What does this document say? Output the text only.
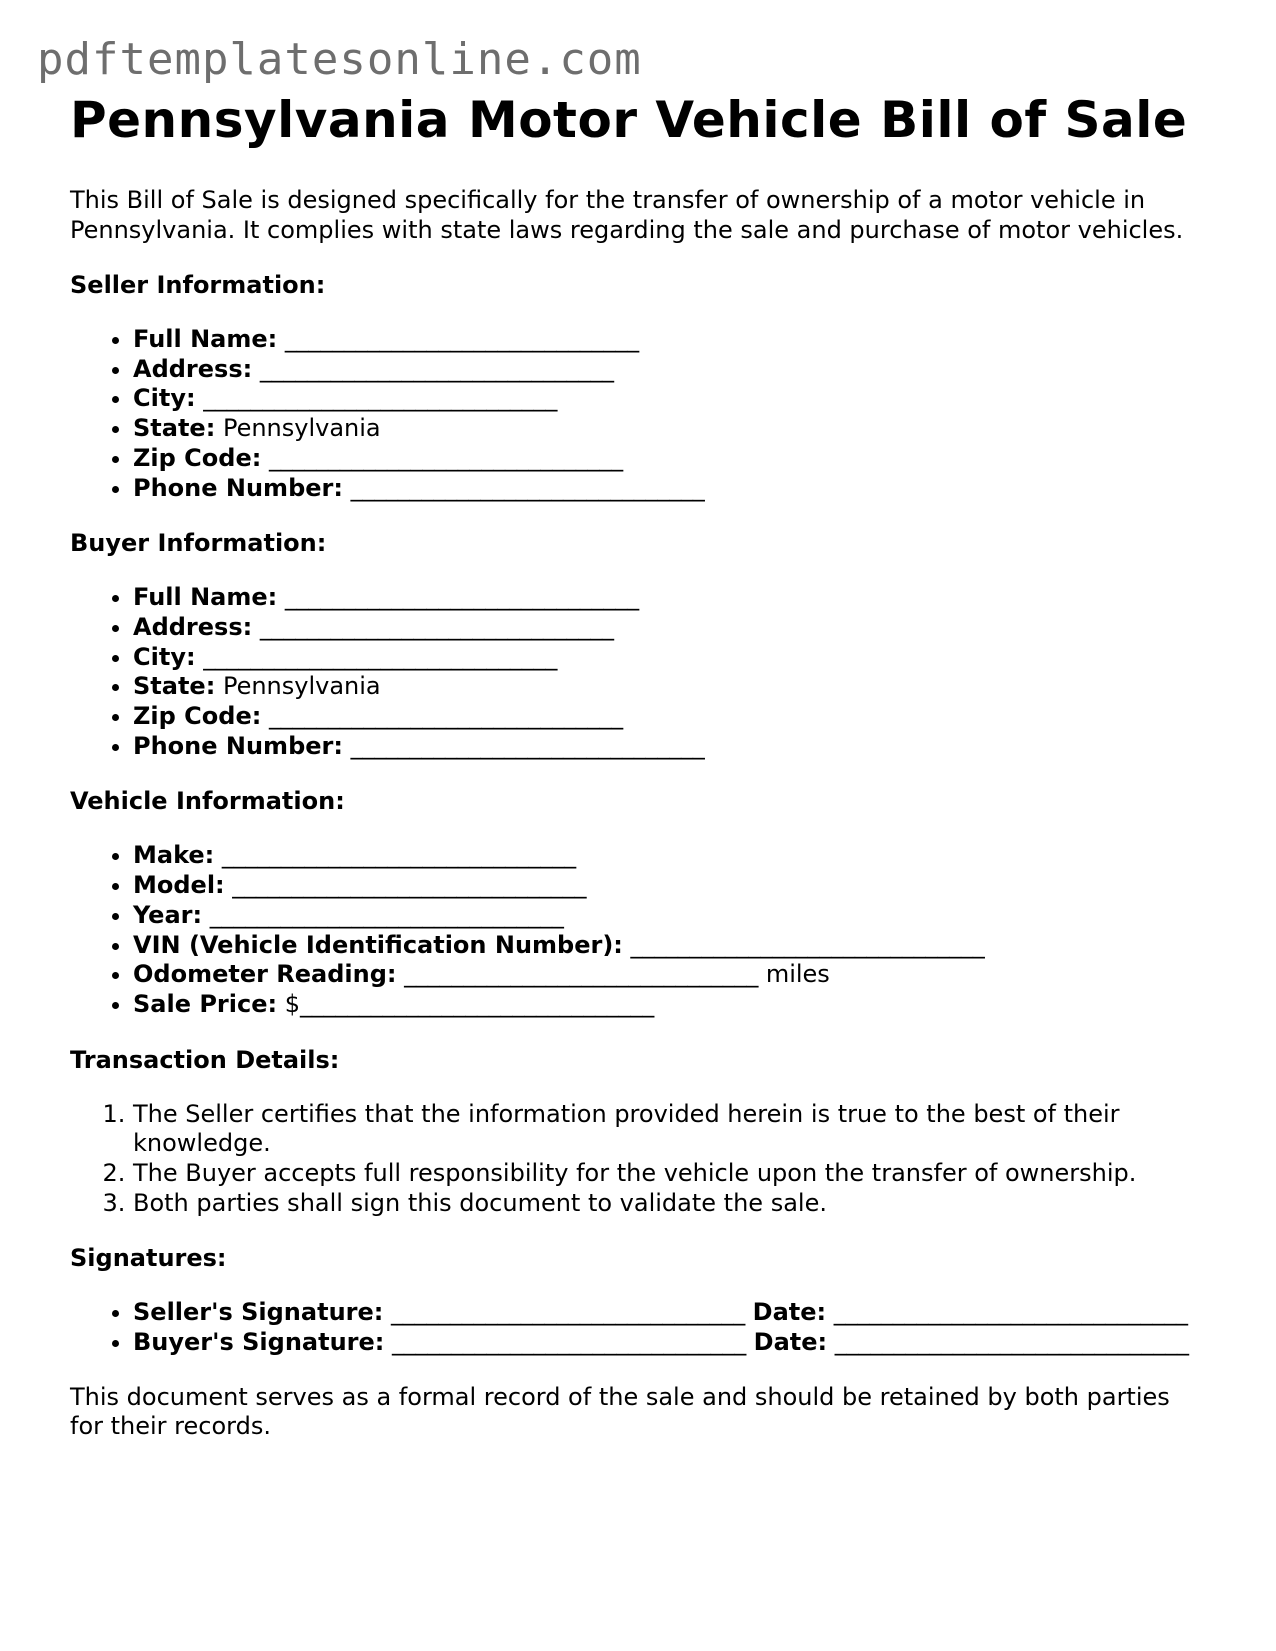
pdftemplatesonline.com
Pennsylvania Motor Vehicle Bill of Sale

This Bill of Sale is designed specifically for the transfer of ownership of a motor vehicle in Pennsylvania. It complies with state laws regarding the sale and purchase of motor vehicles.

Seller Information:
• Full Name: ______________________________
• Address: ______________________________
• City: ______________________________
• State: Pennsylvania
• Zip Code: ______________________________
• Phone Number: ______________________________
Buyer Information:
• Full Name: ______________________________
• Address: ______________________________
• City: ______________________________
• State: Pennsylvania
• Zip Code: ______________________________
• Phone Number: ______________________________
Vehicle Information:
• Make: ______________________________
• Model: ______________________________
• Year: ______________________________
• VIN (Vehicle Identification Number): ______________________________
• Odometer Reading: ______________________________ miles
• Sale Price: $______________________________
Transaction Details:
1. The Seller certifies that the information provided herein is true to the best of their knowledge.
2. The Buyer accepts full responsibility for the vehicle upon the transfer of ownership.
3. Both parties shall sign this document to validate the sale.
Signatures:
• Seller's Signature: ______________________________ Date: ______________________________
• Buyer's Signature: ______________________________ Date: ______________________________

This document serves as a formal record of the sale and should be retained by both parties for their records.
